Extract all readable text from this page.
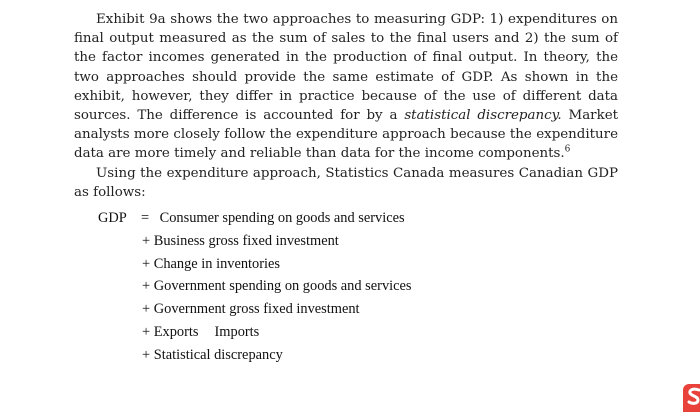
Exhibit 9a shows the two approaches to measuring GDP: 1) expenditures on final output measured as the sum of sales to the final users and 2) the sum of the factor incomes generated in the production of final output. In theory, the two approaches should provide the same estimate of GDP. As shown in the exhibit, however, they differ in practice because of the use of different data sources. The difference is accounted for by a statistical discrepancy. Market analysts more closely follow the expenditure approach because the expenditure data are more timely and reliable than data for the income components.$^6$

Using the expenditure approach, Statistics Canada measures Canadian GDP as follows:

GDP = Consumer spending on goods and services
+ Business gross fixed investment
+ Change in inventories
+ Government spending on goods and services
+ Government gross fixed investment
+ Exports Imports
+ Statistical discrepancy
